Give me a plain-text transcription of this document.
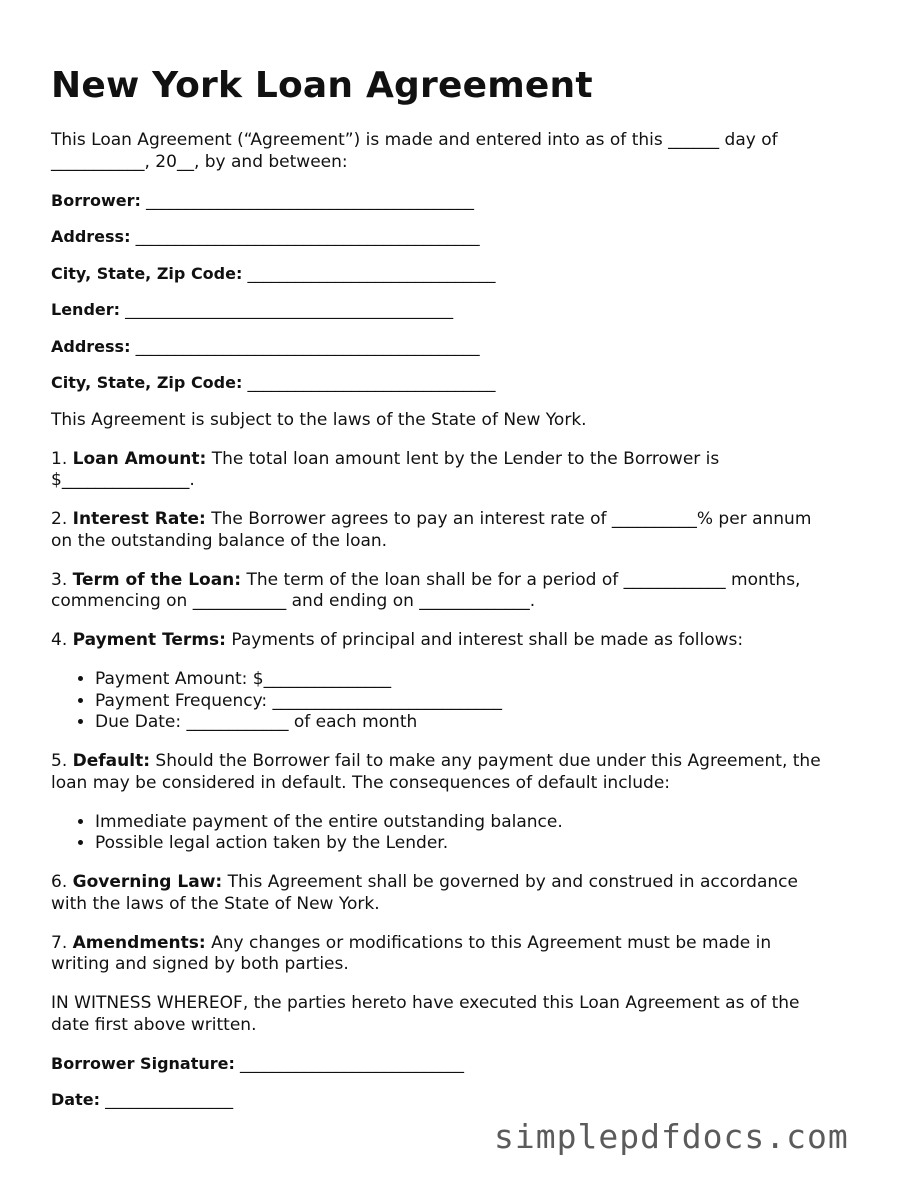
New York Loan Agreement

This Loan Agreement (“Agreement”) is made and entered into as of this ______ day of
___________, 20__, by and between:

Borrower: _________________________________________
Address: ___________________________________________
City, State, Zip Code: _______________________________
Lender: _________________________________________
Address: ___________________________________________
City, State, Zip Code: _______________________________

This Agreement is subject to the laws of the State of New York.

1. Loan Amount: The total loan amount lent by the Lender to the Borrower is
$_______________.

2. Interest Rate: The Borrower agrees to pay an interest rate of __________% per annum
on the outstanding balance of the loan.

3. Term of the Loan: The term of the loan shall be for a period of ____________ months,
commencing on ___________ and ending on _____________.

4. Payment Terms: Payments of principal and interest shall be made as follows:

• Payment Amount: $_______________
• Payment Frequency: ___________________________
• Due Date: ____________ of each month

5. Default: Should the Borrower fail to make any payment due under this Agreement, the
loan may be considered in default. The consequences of default include:

• Immediate payment of the entire outstanding balance.
• Possible legal action taken by the Lender.

6. Governing Law: This Agreement shall be governed by and construed in accordance
with the laws of the State of New York.

7. Amendments: Any changes or modifications to this Agreement must be made in
writing and signed by both parties.

IN WITNESS WHEREOF, the parties hereto have executed this Loan Agreement as of the
date first above written.

Borrower Signature: ____________________________
Date: ________________
simplepdfdocs.com
